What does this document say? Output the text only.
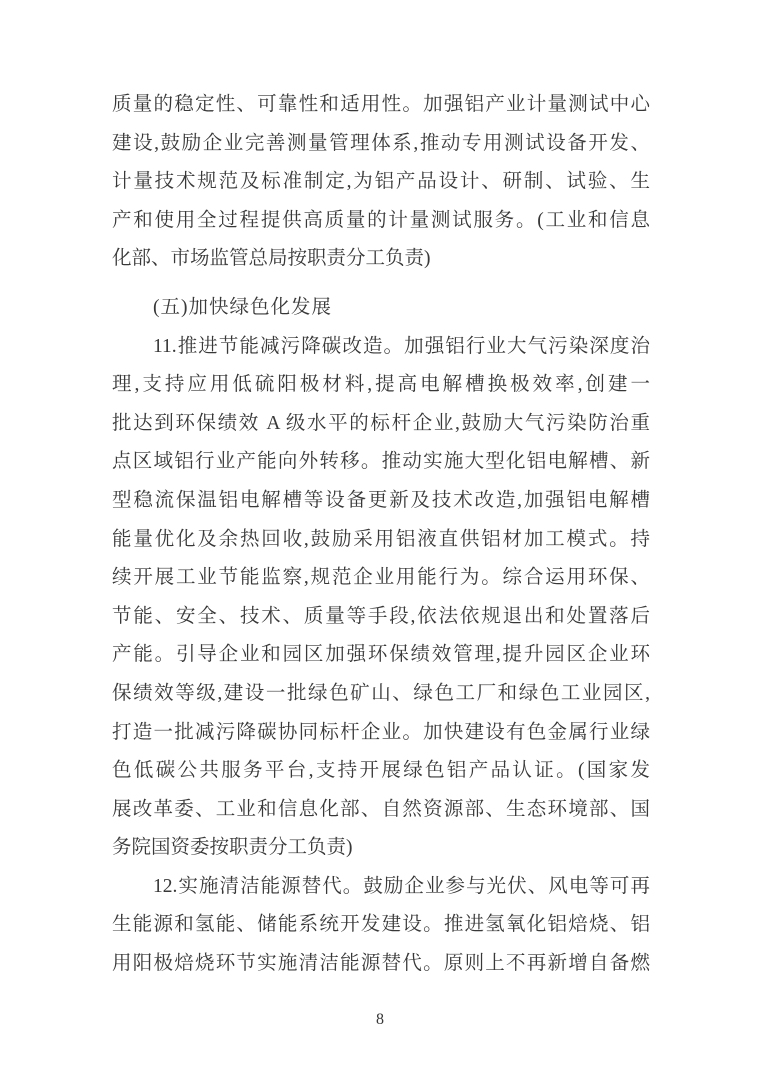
质量的稳定性、可靠性和适用性。加强铝产业计量测试中心
建设,鼓励企业完善测量管理体系,推动专用测试设备开发、
计量技术规范及标准制定,为铝产品设计、研制、试验、生
产和使用全过程提供高质量的计量测试服务。(工业和信息
化部、市场监管总局按职责分工负责)
(五)加快绿色化发展
11.推进节能减污降碳改造。加强铝行业大气污染深度治
理,支持应用低硫阳极材料,提高电解槽换极效率,创建一
批达到环保绩效 A 级水平的标杆企业,鼓励大气污染防治重
点区域铝行业产能向外转移。推动实施大型化铝电解槽、新
型稳流保温铝电解槽等设备更新及技术改造,加强铝电解槽
能量优化及余热回收,鼓励采用铝液直供铝材加工模式。持
续开展工业节能监察,规范企业用能行为。综合运用环保、
节能、安全、技术、质量等手段,依法依规退出和处置落后
产能。引导企业和园区加强环保绩效管理,提升园区企业环
保绩效等级,建设一批绿色矿山、绿色工厂和绿色工业园区,
打造一批减污降碳协同标杆企业。加快建设有色金属行业绿
色低碳公共服务平台,支持开展绿色铝产品认证。(国家发
展改革委、工业和信息化部、自然资源部、生态环境部、国
务院国资委按职责分工负责)
12.实施清洁能源替代。鼓励企业参与光伏、风电等可再
生能源和氢能、储能系统开发建设。推进氢氧化铝焙烧、铝
用阳极焙烧环节实施清洁能源替代。原则上不再新增自备燃
8
